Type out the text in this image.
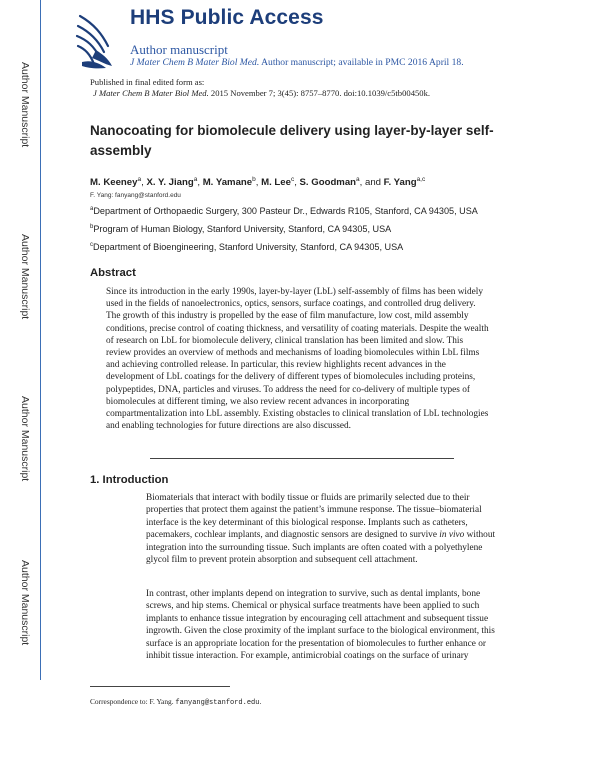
Author Manuscript
Author Manuscript
Author Manuscript
Author Manuscript
HHS Public Access
Author manuscript
J Mater Chem B Mater Biol Med. Author manuscript; available in PMC 2016 April 18.
Published in final edited form as:
J Mater Chem B Mater Biol Med. 2015 November 7; 3(45): 8757–8770. doi:10.1039/c5tb00450k.
Nanocoating for biomolecule delivery using layer-by-layer self-assembly
M. Keeney$^a$, X. Y. Jiang$^a$, M. Yamane$^b$, M. Lee$^c$, S. Goodman$^a$, and F. Yang$^{a,c}$
F. Yang: fanyang@stanford.edu
$^a$Department of Orthopaedic Surgery, 300 Pasteur Dr., Edwards R105, Stanford, CA 94305, USA
$^b$Program of Human Biology, Stanford University, Stanford, CA 94305, USA
$^c$Department of Bioengineering, Stanford University, Stanford, CA 94305, USA
Abstract

Since its introduction in the early 1990s, layer-by-layer (LbL) self-assembly of films has been widely used in the fields of nanoelectronics, optics, sensors, surface coatings, and controlled drug delivery. The growth of this industry is propelled by the ease of film manufacture, low cost, mild assembly conditions, precise control of coating thickness, and versatility of coating materials. Despite the wealth of research on LbL for biomolecule delivery, clinical translation has been limited and slow. This review provides an overview of methods and mechanisms of loading biomolecules within LbL films and achieving controlled release. In particular, this review highlights recent advances in the development of LbL coatings for the delivery of different types of biomolecules including proteins, polypeptides, DNA, particles and viruses. To address the need for co-delivery of multiple types of biomolecules at different timing, we also review recent advances in incorporating compartmentalization into LbL assembly. Existing obstacles to clinical translation of LbL technologies and enabling technologies for future directions are also discussed.

1. Introduction

Biomaterials that interact with bodily tissue or fluids are primarily selected due to their properties that protect them against the patient’s immune response. The tissue–biomaterial interface is the key determinant of this biological response. Implants such as catheters, pacemakers, cochlear implants, and diagnostic sensors are designed to survive in vivo without integration into the surrounding tissue. Such implants are often coated with a polyethylene glycol film to prevent protein absorption and subsequent cell attachment.

In contrast, other implants depend on integration to survive, such as dental implants, bone screws, and hip stems. Chemical or physical surface treatments have been applied to such implants to enhance tissue integration by encouraging cell attachment and subsequent tissue ingrowth. Given the close proximity of the implant surface to the biological environment, this surface is an appropriate location for the presentation of biomolecules to further enhance or inhibit tissue interaction. For example, antimicrobial coatings on the surface of urinary

Correspondence to: F. Yang. fanyang@stanford.edu.
